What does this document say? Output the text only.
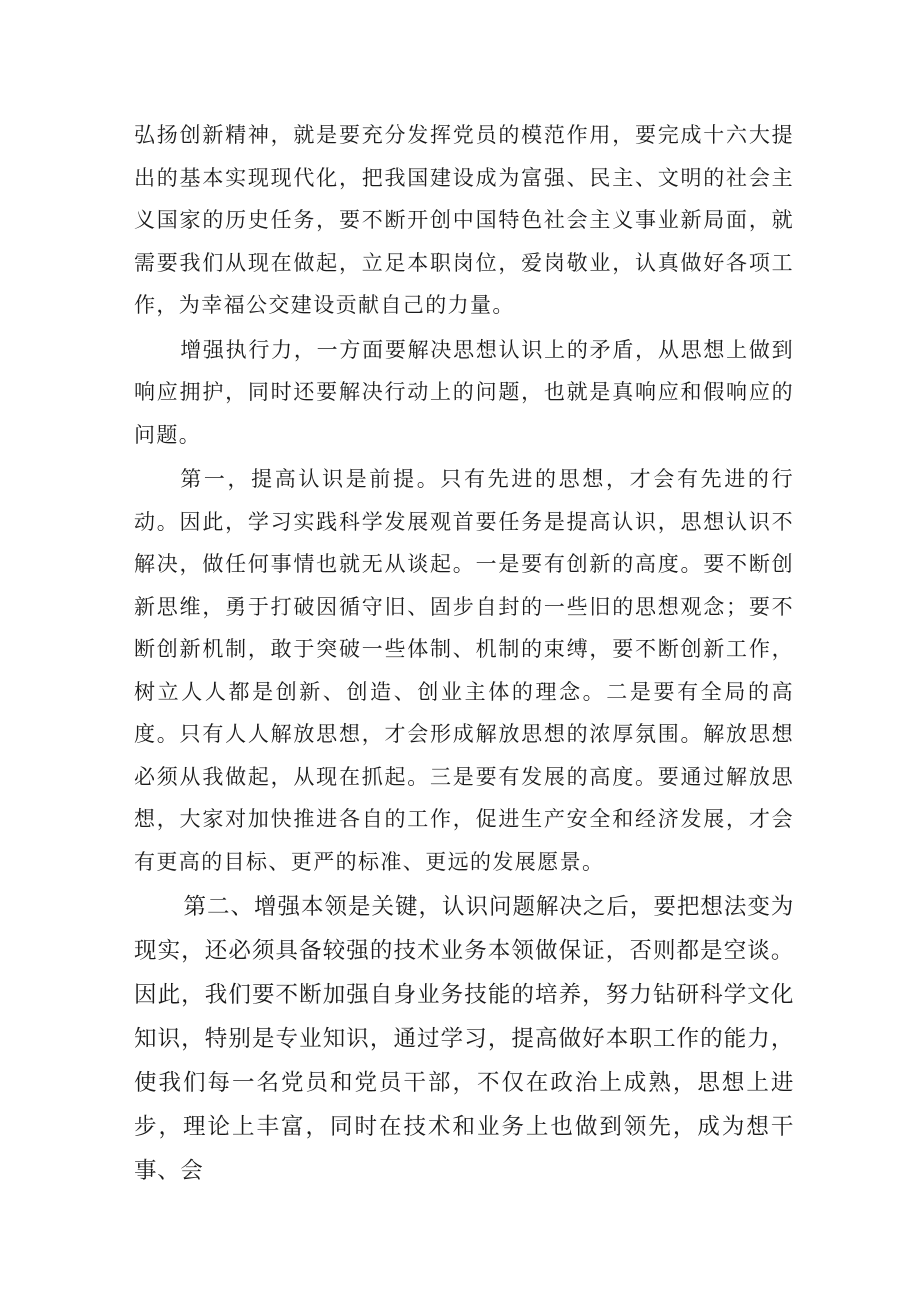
弘扬创新精神，就是要充分发挥党员的模范作用，要完成十六大提出的基本实现现代化，把我国建设成为富强、民主、文明的社会主义国家的历史任务，要不断开创中国特色社会主义事业新局面，就需要我们从现在做起，立足本职岗位，爱岗敬业，认真做好各项工作，为幸福公交建设贡献自己的力量。

增强执行力，一方面要解决思想认识上的矛盾，从思想上做到响应拥护，同时还要解决行动上的问题，也就是真响应和假响应的问题。

第一，提高认识是前提。只有先进的思想，才会有先进的行动。因此，学习实践科学发展观首要任务是提高认识，思想认识不解决，做任何事情也就无从谈起。一是要有创新的高度。要不断创新思维，勇于打破因循守旧、固步自封的一些旧的思想观念；要不断创新机制，敢于突破一些体制、机制的束缚，要不断创新工作，树立人人都是创新、创造、创业主体的理念。二是要有全局的高度。只有人人解放思想，才会形成解放思想的浓厚氛围。解放思想必须从我做起，从现在抓起。三是要有发展的高度。要通过解放思想，大家对加快推进各自的工作，促进生产安全和经济发展，才会有更高的目标、更严的标准、更远的发展愿景。

第二、增强本领是关键，认识问题解决之后，要把想法变为现实，还必须具备较强的技术业务本领做保证，否则都是空谈。因此，我们要不断加强自身业务技能的培养，努力钻研科学文化知识，特别是专业知识，通过学习，提高做好本职工作的能力，使我们每一名党员和党员干部，不仅在政治上成熟，思想上进步，理论上丰富，同时在技术和业务上也做到领先，成为想干事、会
